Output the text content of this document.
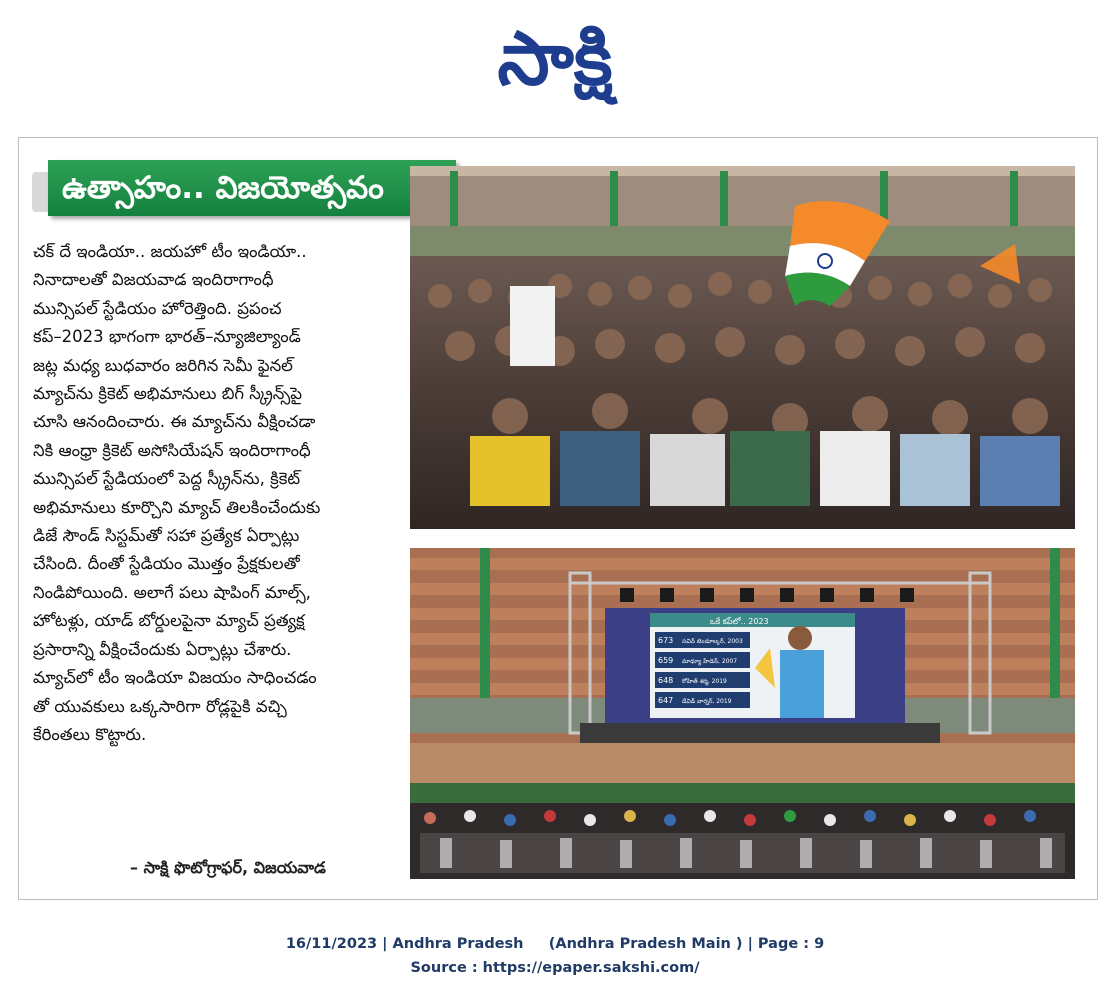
సాక్షి
ఉత్సాహం.. విజయోత్సవం

చక్ దే ఇండియా.. జయహో టీం ఇండియా..

నినాదాలతో విజయవాడ ఇందిరాగాంధీ

మున్సిపల్ స్టేడియం హోరెత్తింది. ప్రపంచ

కప్–2023 భాగంగా భారత్–న్యూజిల్యాండ్

జట్ల మధ్య బుధవారం జరిగిన సెమీ ఫైనల్

మ్యాచ్‌ను క్రికెట్ అభిమానులు బిగ్ స్క్రీన్స్‌పై

చూసి ఆనందించారు. ఈ మ్యాచ్‌ను వీక్షించడా

నికి ఆంధ్రా క్రికెట్ అసోసియేషన్ ఇందిరాగాంధీ

మున్సిపల్ స్టేడియంలో పెద్ద స్క్రీన్‌ను, క్రికెట్

అభిమానులు కూర్చొని మ్యాచ్ తిలకించేందుకు

డిజే సౌండ్ సిస్టమ్‌తో సహా ప్రత్యేక ఏర్పాట్లు

చేసింది. దీంతో స్టేడియం మొత్తం ప్రేక్షకులతో

నిండిపోయింది. అలాగే పలు షాపింగ్ మాల్స్,

హోటళ్లు, యాడ్ బోర్డులపైనా మ్యాచ్ ప్రత్యక్ష

ప్రసారాన్ని వీక్షించేందుకు ఏర్పాట్లు చేశారు.

మ్యాచ్‌లో టీం ఇండియా విజయం సాధించడం

తో యువకులు ఒక్కసారిగా రోడ్లపైకి వచ్చి

కేరింతలు కొట్టారు.

– సాక్షి ఫొటోగ్రాఫర్, విజయవాడ
ఒకే కప్‌లో.. 2023
673 సచిన్ టెండూల్కర్, 2003
659 మాథ్యూ హేడెన్, 2007
648 రోహిత్ శర్మ, 2019
647 డేవిడ్ వార్నర్, 2019
16/11/2023 | Andhra Pradesh     (Andhra Pradesh Main ) | Page : 9
Source : https://epaper.sakshi.com/
